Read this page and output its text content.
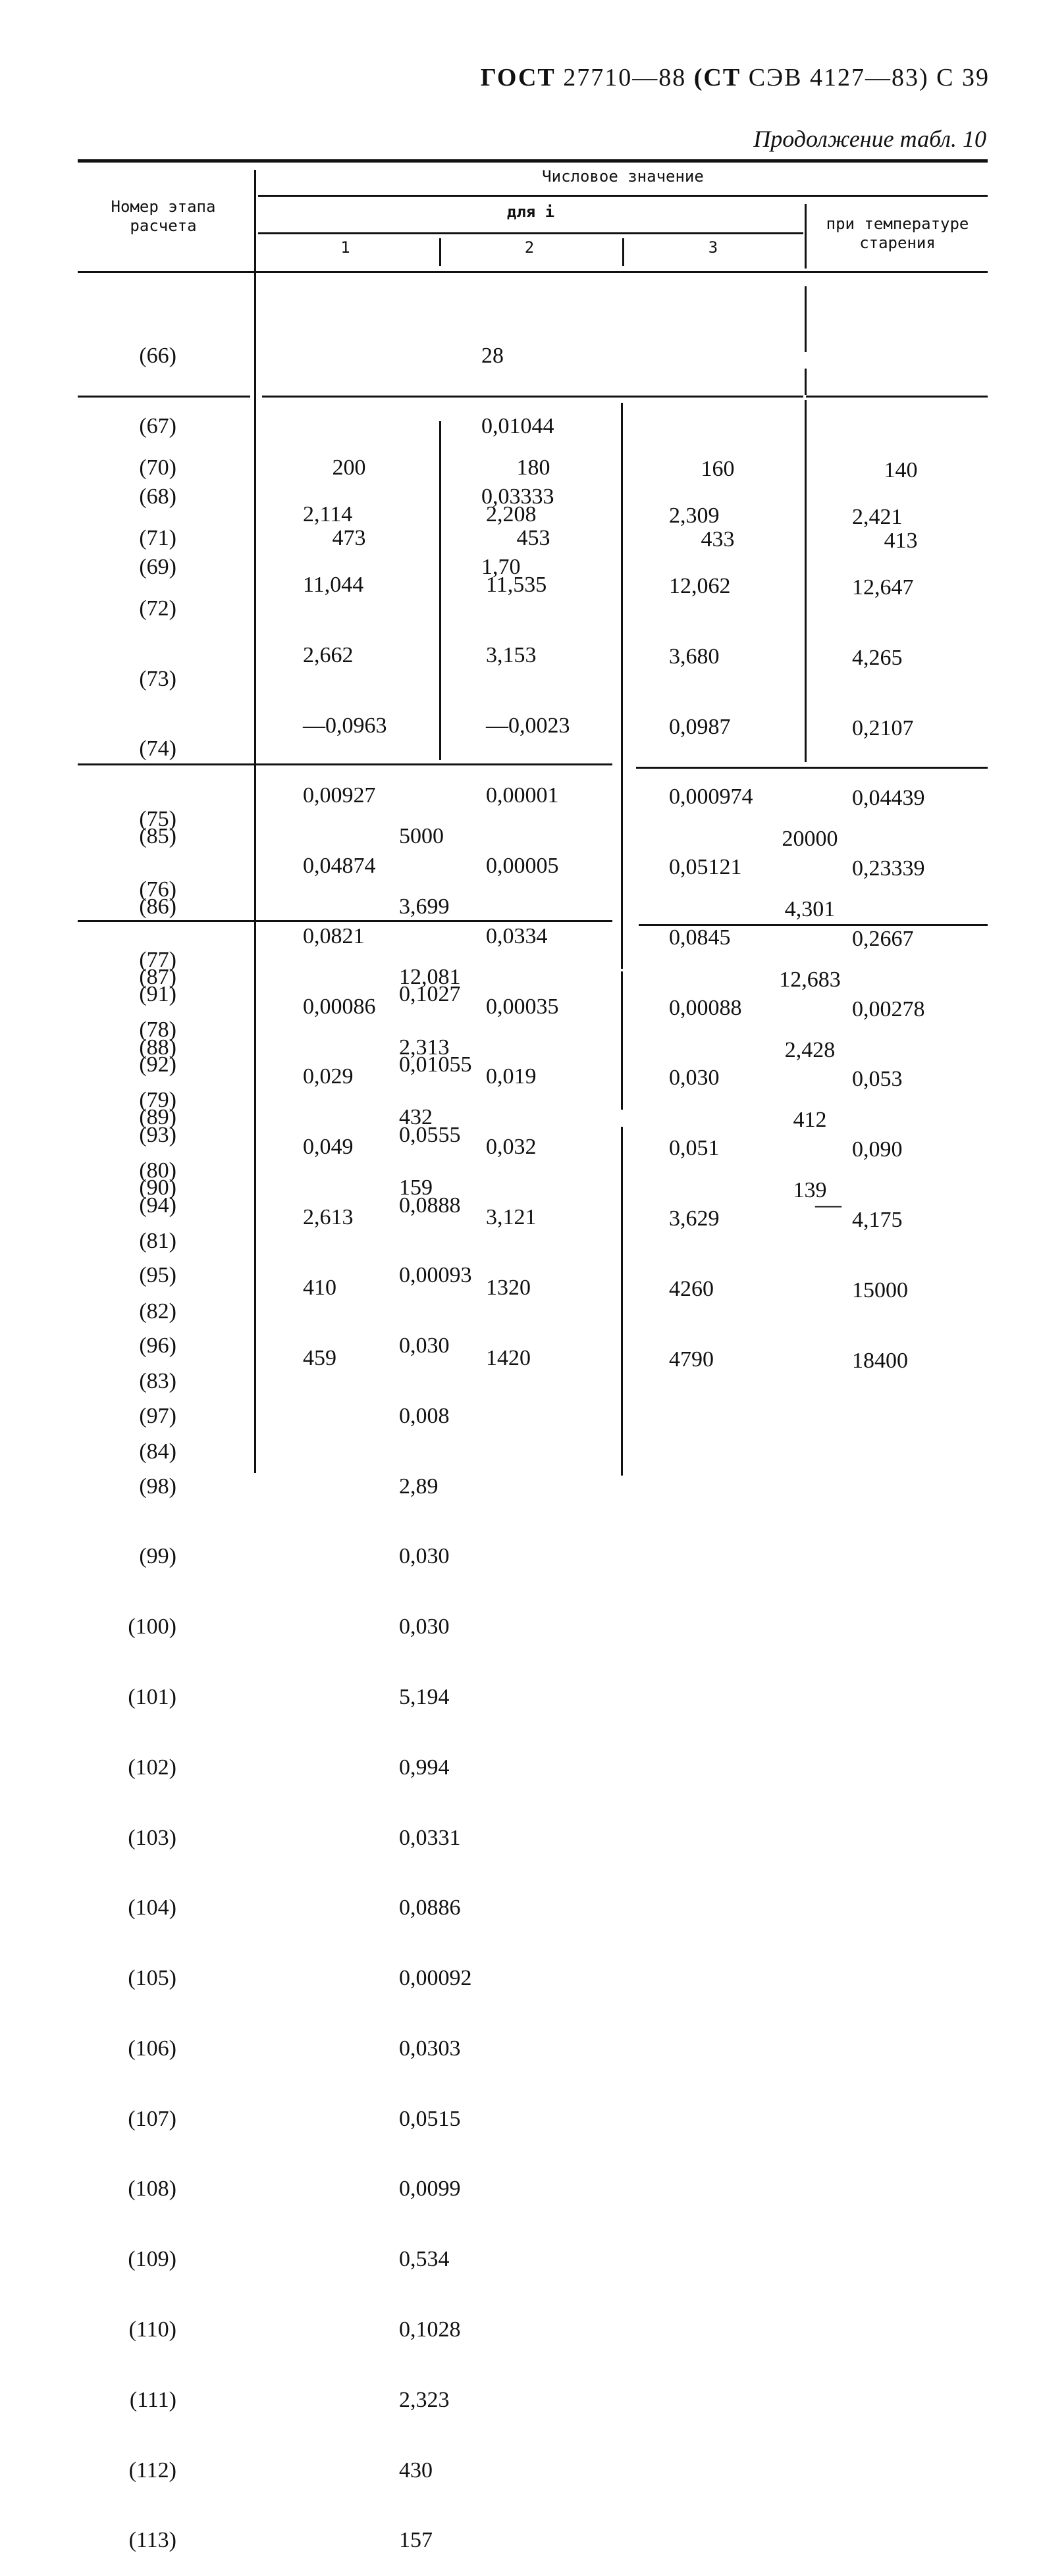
ГОСТ 27710—88 (СТ СЭВ 4127—83) С 39
Продолжение табл. 10
Номер этапа расчета
Числовое значение
для i
при температуре старения
1	2	3

(66)

(67)

(68)

(69)

(70)

(71)

(72)

(73)

(74)

(75)

(76)

(77)

(78)

(79)

(80)

(81)

(82)

(83)

(84)

(85)

(86)

(87)

(88)

(89)

(90)

(91)

(92)

(93)

(94)

(95)

(96)

(97)

(98)

(99)

(100)

(101)

(102)

(103)

(104)

(105)

(106)

(107)

(108)

(109)

(110)

(111)

(112)

(113)

28

0,01044

0,03333

1,70

200

473

2,114

11,044

2,662

—0,0963

0,00927

0,04874

0,0821

0,00086

0,029

0,049

2,613

410

459

180

453

2,208

11,535

3,153

—0,0023

0,00001

0,00005

0,0334

0,00035

0,019

0,032

3,121

1320

1420

160

433

2,309

12,062

3,680

0,0987

0,000974

0,05121

0,0845

0,00088

0,030

0,051

3,629

4260

4790

140

413

2,421

12,647

4,265

0,2107

0,04439

0,23339

0,2667

0,00278

0,053

0,090

4,175

15000

18400

5000

3,699

12,081

2,313

432

159

20000

4,301

12,683

2,428

412

139

0,1027

0,01055

0,0555

0,0888

0,00093

0,030

0,008

2,89

0,030

0,030

5,194

0,994

0,0331

0,0886

0,00092

0,0303

0,0515

0,0099

0,534

0,1028

2,323

430

157

—
